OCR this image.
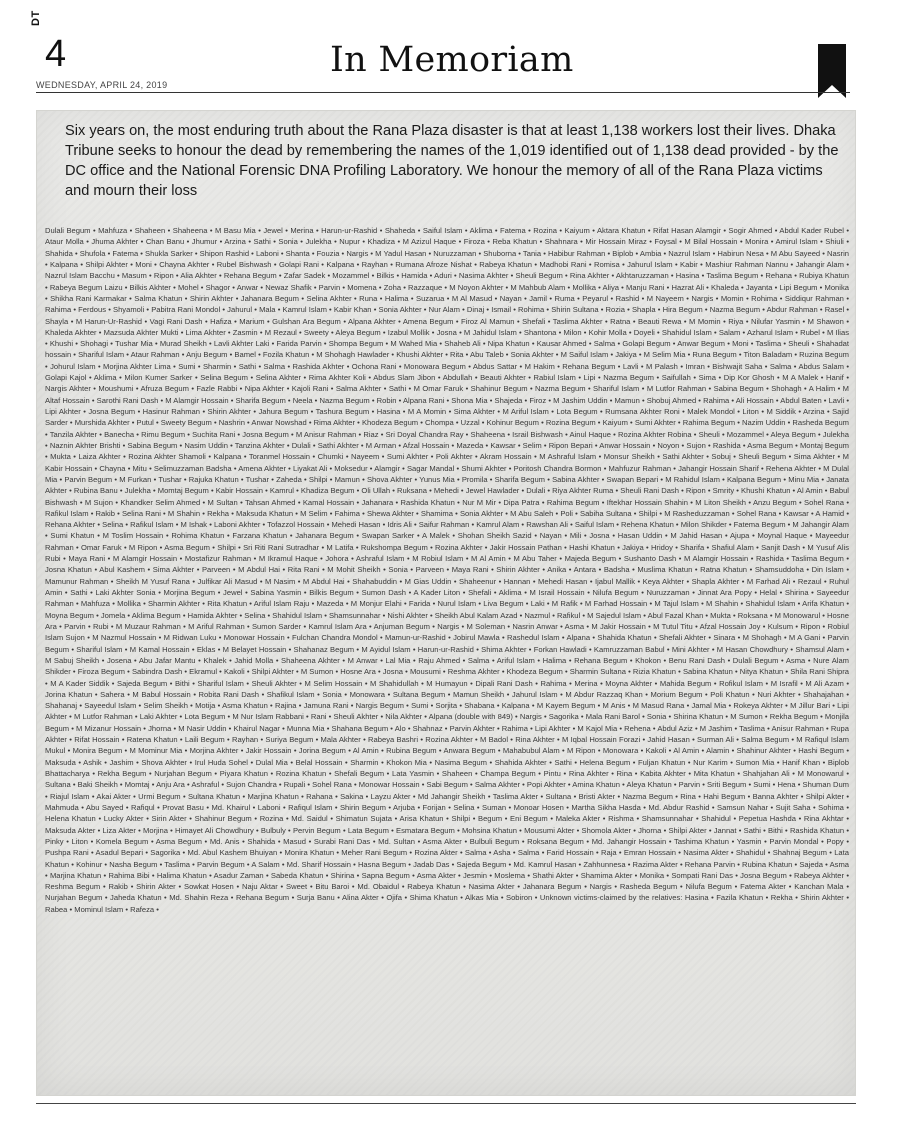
DT
4
WEDNESDAY, APRIL 24, 2019
In Memoriam

Six years on, the most enduring truth about the Rana Plaza disaster is that at least 1,138 workers lost their lives. Dhaka Tribune seeks to honour the dead by remembering the names of the 1,019 identified out of 1,138 dead provided - by the DC office and the National Forensic DNA Profiling Laboratory. We honour the memory of all of the Rana Plaza victims and mourn their loss

Dulali Begum • Mahfuza • Shaheen • Shaheena • M Basu Mia • Jewel • Merina • Harun-ur-Rashid • Shaheda • Saiful Islam • Aklima • Fatema • Rozina • Kaiyum • Aktara Khatun • Rifat Hasan Alamgir • Sogir Ahmed • Abdul Kader Rubel • Ataur Molla • Jhuma Akhter • Chan Banu • Jhumur • Arzina • Sathi • Sonia • Julekha • Nupur • Khadiza • M Azizul Haque • Firoza • Reba Khatun • Shahnara • Mir Hossain Miraz • Foysal • M Bilal Hossain • Monira • Amirul Islam • Shiuli • Shahida • Shufola • Fatema • Shukla Sarker • Shipon Rashid • Laboni • Shanta • Fouzia • Nargis • M Yadul Hasan • Nuruzzaman • Shuborna • Tania • Habibur Rahman • Biplob • Ambia • Nazrul Islam • Habirun Nesa • M Abu Sayeed • Nasrin • Kalpana • Shilpi Akhter • Moni • Chayna Akhter • Rubel Bishwash • Golapi Rani • Kalpana • Rayhan • Rumana Afroze Nishat • Rabeya Khatun • Madhobi Rani • Romisa • Jahurul Islam • Kabir • Mashiur Rahman Nannu • Jahangir Alam • Nazrul Islam Bacchu • Masum • Ripon • Alia Akhter • Rehana Begum • Zafar Sadek • Mozammel • Bilkis • Hamida • Aduri • Nasima Akhter • Sheuli Begum • Rina Akhter • Akhtaruzzaman • Hasina • Taslima Begum • Rehana • Rubiya Khatun • Rabeya Begum Laizu • Bilkis Akhter • Mohel • Shagor • Anwar • Newaz Shafik • Parvin • Momena • Zoha • Razzaque • M Noyon Akhter • M Mahbub Alam • Mollika • Aliya • Manju Rani • Hazrat Ali • Khaleda • Jayanta • Lipi Begum • Monika • Shikha Rani Karmakar • Salma Khatun • Shirin Akhter • Jahanara Begum • Selina Akhter • Runa • Halima • Suzarua • M Al Masud • Nayan • Jamil • Ruma • Peyarul • Rashid • M Nayeem • Nargis • Momin • Rohima • Siddiqur Rahman • Rahima • Ferdous • Shyamoli • Pabitra Rani Mondol • Jahurul • Mala • Kamrul Islam • Kabir Khan • Sonia Akhter • Nur Alam • Dinaj • Ismail • Rohima • Shirin Sultana • Rozia • Shapla • Hira Begum • Nazma Begum • Abdur Rahman • Rasel • Shayla • M Harun-Ur-Rashid • Vagi Rani Dash • Hafiza • Marium • Gulshan Ara Begum • Alpana Akhter • Amena Begum • Firoz Al Mamun • Shefali • Taslima Akhter • Ratna • Beauti Rewa • M Momin • Riya • Nilufar Yasmin • M Shawon • Khaleda Akhter • Mazsuda Akhter Mukti • Lima Akhter • Zasmin • M Rezaul • Sweety • Aleya Begum • Izabul Mollik • Josna • M Jahidul Islam • Shantona • Milon • Kohir Molla • Doyeli • Shahidul Islam • Salam • Azharul Islam • Rubel • M Ilias • Khushi • Shohagi • Tushar Mia • Murad Sheikh • Lavli Akhter Laki • Farida Parvin • Shompa Begum • M Wahed Mia • Shaheb Ali • Nipa Khatun • Kausar Ahmed • Salma • Golapi Begum • Anwar Begum • Moni • Taslima • Sheuli • Shahadat hossain • Shariful Islam • Ataur Rahman • Anju Begum • Bamel • Fozila Khatun • M Shohagh Hawlader • Khushi Akhter • Rita • Abu Taleb • Sonia Akhter • M Saiful Islam • Jakiya • M Selim Mia • Runa Begum • Titon Baladam • Ruzina Begum • Johurul Islam • Morjina Akhter Lima • Sumi • Sharmin • Sathi • Salma • Rashida Akhter • Ochona Rani • Monowara Begum • Abdus Sattar • M Hakim • Rehana Begum • Lavli • M Palash • Imran • Bishwajit Saha • Salma • Abdus Salam • Golapi Kajol • Aklima • Milon Kumer Sarker • Selina Begum • Selina Akhter • Rima Akhter Koli • Abdus Slam Jibon • Abdullah • Beauti Akhter • Rabiul Islam • Lipi • Nazma Begum • Saifullah • Sima • Dip Kor Ghosh • M A Malek • Hanif • Nargis Akhter • Moushumi • Afruza Begum • Fazle Rabbi • Nipa Akhter • Kajoli Rani • Salma Akhter • Sathi • M Omar Faruk • Shahinur Begum • Nazma Begum • Shariful Islam • M Lutfor Rahman • Sabina Begum • Shohagh • A Halim • M Altaf Hossain • Sarothi Rani Dash • M Alamgir Hossain • Sharifa Begum • Neela • Nazma Begum • Robin • Alpana Rani • Shona Mia • Shajeda • Firoz • M Jashim Uddin • Mamun • Shobuj Ahmed • Rahima • Ali Hossain • Abdul Baten • Lavli • Lipi Akhter • Josna Begum • Hasinur Rahman • Shirin Akhter • Jahura Begum • Tashura Begum • Hasina • M A Momin • Sima Akhter • M Ariful Islam • Lota Begum • Rumsana Akhter Roni • Malek Mondol • Liton • M Siddik • Arzina • Sajid Sarder • Murshida Akhter • Putul • Sweety Begum • Nashrin • Anwar Nowshad • Rima Akhter • Khodeza Begum • Chompa • Uzzal • Kohinur Begum • Rozina Begum • Kaiyum • Sumi Akhter • Rahima Begum • Nazim Uddin • Rasheda Begum • Tanzila Akhter • Banecha • Rimu Begum • Suchita Rani • Josna Begum • M Anisur Rahman • Riaz • Sri Doyal Chandra Ray • Shaheena • Israil Bishwash • Ainul Haque • Rozina Akhter Robina • Sheuli • Mozammel • Aleya Begum • Julekha • Naznin Akhter Brishti • Sabina Begum • Nasim Uddin • Tanzina Akhter • Dulali • Sathi Akhter • M Arman • Afzal Hossain • Mazeda • Kawsar • Selim • Ripon Bepari • Anwar Hossain • Noyon • Sujon • Rashida • Asma Begum • Montaj Begum • Mukta • Laiza Akhter • Rozina Akhter Shamoli • Kalpana • Toranmel Hossain • Chumki • Nayeem • Sumi Akhter • Poli Akhter • Akram Hossain • M Ashraful Islam • Monsur Sheikh • Sathi Akhter • Sobuj • Sheuli Begum • Sima Akhter • M Kabir Hossain • Chayna • Mitu • Selimuzzaman Badsha • Amena Akhter • Liyakat Ali • Moksedur • Alamgir • Sagar Mandal • Shumi Akhter • Poritosh Chandra Bormon • Mahfuzur Rahman • Jahangir Hossain Sharif • Rehena Akhter • M Dulal Mia • Parvin Begum • M Furkan • Tushar • Rajuka Khatun • Tushar • Zaheda • Shilpi • Mamun • Shova Akhter • Yunus Mia • Promila • Sharifa Begum • Sabina Akhter • Swapan Bepari • M Rahidul Islam • Kalpana Begum • Minu Mia • Janata Akhter • Rubina Banu • Julekha • Momtaj Begum • Kabir Hossain • Kamrul • Khadiza Begum • Oli Ullah • Ruksana • Mehedi • Jewel Hawlader • Dulali • Riya Akhter Ruma • Sheuli Rani Dash • Ripon • Smrity • Khushi Khatun • Al Amin • Babul Bishwash • M Sujon • Khandker Selim Ahmed • M Sultan • Tahsan Ahmed • Kamal Hossain • Jahanara • Rashida Khatun • Nur M Mir • Dipa Patra • Rahima Begum • Iftekhar Hossain Shahin • M Liton Sheikh • Anzu Begum • Sohel Rana • Rafikul Islam • Rakib • Selina Rani • M Shahin • Rekha • Maksuda Khatun • M Selim • Fahima • Shewa Akhter • Shamima • Sonia Akhter • M Abu Saleh • Poli • Sabiha Sultana • Shilpi • M Rasheduzzaman • Sohel Rana • Kawsar • A Hamid • Rehana Akhter • Selina • Rafikul Islam • M Ishak • Laboni Akhter • Tofazzol Hossain • Mehedi Hasan • Idris Ali • Saifur Rahman • Kamrul Alam • Rawshan Ali • Saiful Islam • Rehena Khatun • Milon Shikder • Fatema Begum • M Jahangir Alam • Sumi Khatun • M Toslim Hossain • Rohima Khatun • Farzana Khatun • Jahanara Begum • Swapan Sarker • A Malek • Shohan Sheikh Sazid • Nayan • Mili • Josna • Hasan Uddin • M Jahid Hasan • Ajupa • Moynal Haque • Mayeedur Rahman • Omar Faruk • M Ripon • Asma Begum • Shilpi • Sri Riti Rani Sutradhar • M Latifa • Rukshompa Begum • Rozina Akhter • Jakir Hossain Pathan • Hashi Khatun • Jakiya • Hridoy • Sharifa • Shafiul Alam • Sanjit Dash • M Yusuf Alis Rubi • Maya Rani • M Alamgir Hossain • Mostafizur Rahman • M Ikramul Haque • Johora • Ashraful Islam • M Robiul Islam • M Al Amin • M Abu Taher • Majeda Begum • Sushanto Dash • M Alamgir Hossain • Rashida • Taslima Begum • Josna Khatun • Abul Kashem • Sima Akhter • Parveen • M Abdul Hai • Rita Rani • M Mohit Sheikh • Sonia • Parveen • Maya Rani • Shirin Akhter • Anika • Antara • Badsha • Muslima Khatun • Ratna Khatun • Shamsuddoha • Din Islam • Mamunur Rahman • Sheikh M Yusuf Rana • Julfikar Ali Masud • M Nasim • M Abdul Hai • Shahabuddin • M Gias Uddin • Shaheenur • Hannan • Mehedi Hasan • Ijabul Mallik • Keya Akhter • Shapla Akhter • M Farhad Ali • Rezaul • Ruhul Amin • Sathi • Laki Akhter Sonia • Morjina Begum • Jewel • Sabina Yasmin • Bilkis Begum • Sumon Dash • A Kader Liton • Shefali • Aklima • M Israil Hossain • Nilufa Begum • Nuruzzaman • Jinnat Ara Popy • Helal • Shirina • Sayeedur Rahman • Mahfuza • Mollika • Sharmin Akhter • Rita Khatun • Ariful Islam Raju • Mazeda • M Monjur Elahi • Farida • Nurul Islam • Liva Begum • Laki • M Rafik • M Farhad Hossain • M Tajul Islam • M Shahin • Shahidul Islam • Arifa Khatun • Moyna Begum • Jomela • Aklima Begum • Hamida Akhter • Selina • Shahidul Islam • Shamsunnahar • Nishi Akhter • Sheikh Abul Kalam Azad • Nazmul • Rafikul • M Sajedul Islam • Abul Fazal Khan • Mukta • Roksana • M Monowarul • Hosne Ara • Parvin • Rubi • M Muzaur Rahman • M Ariful Rahman • Sumon Sarder • Kamrul Islam Ara • Anjuman Begum • Nargis • M Soleman • Nasrin Anwar • Asma • M Jakir Hossain • M Tutul Titu • Afzal Hossain Joy • Kulsum • Ripon • Robiul Islam Sujon • M Nazmul Hossain • M Ridwan Luku • Monowar Hossain • Fulchan Chandra Mondol • Mamun-ur-Rashid • Jobirul Mawla • Rashedul Islam • Alpana • Shahida Khatun • Shefali Akhter • Sinara • M Shohagh • M A Gani • Parvin Begum • Shariful Islam • M Kamal Hossain • Eklas • M Belayet Hossain • Shahanaz Begum • M Ayidul Islam • Harun-ur-Rashid • Shima Akhter • Forkan Hawladi • Kamruzzaman Babul • Mini Akhter • M Hasan Chowdhury • Shamsul Alam • M Sabuj Sheikh • Josena • Abu Jafar Mantu • Khalek • Jahid Molla • Shaheena Akhter • M Anwar • Lal Mia • Raju Ahmed • Salma • Ariful Islam • Halima • Rehana Begum • Khokon • Benu Rani Dash • Dulali Begum • Asma • Nure Alam Shikder • Firoza Begum • Sabindra Dash • Ekramul • Kakoli • Shilpi Akhter • M Sumon • Hosne Ara • Josna • Mousumi • Reshma Akhter • Khodeza Begum • Sharmin Sultana • Rizia Khatun • Sabina Khatun • Nitya Khatun • Shila Rani Shipra • M A Kader Siddik • Sajeda Begum • Bithi • Shariful Islam • Sheuli Akhter • M Selim Hossain • M Shahidullah • M Humayun • Dipali Rani Dash • Rahima • Merina • Moyna Akhter • Mahida Begum • Rofikul Islam • M Israfil • M Ali Azam • Jorina Khatun • Sahera • M Babul Hossain • Robita Rani Dash • Shafikul Islam • Sonia • Monowara • Sultana Begum • Mamun Sheikh • Jahurul Islam • M Abdur Razzaq Khan • Morium Begum • Poli Khatun • Nuri Akhter • Shahajahan • Shahanaj • Sayeedul Islam • Selim Sheikh • Motija • Asma Khatun • Rajina • Jamuna Rani • Nargis Begum • Sumi • Sorjita • Shabana • Kalpana • M Kayem Begum • M Anis • M Masud Rana • Jamal Mia • Rokeya Akhter • M Jillur Bari • Lipi Akhter • M Lutfor Rahman • Laki Akhter • Lota Begum • M Nur Islam Rabbani • Rani • Sheuli Akhter • Nila Akhter • Alpana (double with 849) • Nargis • Sagorika • Mala Rani Barol • Sonia • Shirina Khatun • M Sumon • Rekha Begum • Monjila Begum • M Mizanur Hossain • Jhorna • M Nasir Uddin • Khairul Nagar • Munna Mia • Shahana Begum • Alo • Shahnaz • Parvin Akhter • Rahima • Lipi Akhter • M Kajol Mia • Rehena • Abdul Aziz • M Jashim • Taslima • Anisur Rahman • Rupa Akhter • Rifat Hossain • Ratena Khatun • Laili Begum • Rayhan • Suriya Begum • Mala Akhter • Rabeya Bashri • Rozina Akhter • M Badol • Rina Akhter • M Iqbal Hossain Forazi • Jahid Hasan • Surman Ali • Salma Begum • M Rafiqul Islam Mukul • Monira Begum • M Mominur Mia • Morjina Akhter • Jakir Hossain • Jorina Begum • Al Amin • Rubina Begum • Anwara Begum • Mahabubul Alam • M Ripon • Monowara • Kakoli • Al Amin • Alamin • Shahinur Akhter • Hashi Begum • Maksuda • Ashik • Jashim • Shova Akhter • Irul Huda Sohel • Dulal Mia • Belal Hossain • Sharmin • Khokon Mia • Nasima Begum • Shahida Akhter • Sathi • Helena Begum • Fuljan Khatun • Nur Karim • Sumon Mia • Hanif Khan • Biplob Bhattacharya • Rekha Begum • Nurjahan Begum • Piyara Khatun • Rozina Khatun • Shefali Begum • Lata Yasmin • Shaheen • Champa Begum • Pintu • Rina Akhter • Rina • Kabita Akhter • Mita Khatun • Shahjahan Ali • M Monowarul • Sultana • Baki Sheikh • Momtaj • Anju Ara • Ashraful • Sujon Chandra • Rupali • Sohel Rana • Monowar Hossain • Sabi Begum • Salma Akhter • Popi Akhter • Amina Khatun • Aleya Khatun • Parvin • Sriti Begum • Sumi • Hena • Shuman Dum • Riajul Islam • Akai Akter • Urmi Begum • Sultana Khatun • Marjina Khatun • Rahana • Sakina • Layzu Akter • Md Jahangir Sheikh • Taslima Akter • Sultana • Bristi Akter • Nazma Begum • Rina • Hahi Begum • Banna Akhter • Shilpi Akter • Mahmuda • Abu Sayed • Rafiqul • Provat Basu • Md. Khairul • Laboni • Rafiqul Islam • Shirin Begum • Arjuba • Forijan • Selina • Suman • Monoar Hosen • Martha Sikha Hasda • Md. Abdur Rashid • Samsun Nahar • Sujit Saha • Sohima • Helena Khatun • Lucky Akter • Sirin Akter • Shahinur Begum • Rozina • Md. Saidul • Shimatun Sujata • Arisa Khatun • Shilpi • Begum • Eni Begum • Maleka Akter • Rishma • Shamsunnahar • Shahidul • Pepetua Hashda • Rina Akhtar • Maksuda Akter • Liza Akter • Morjina • Himayet Ali Chowdhury • Bulbuly • Pervin Begum • Lata Begum • Esmatara Begum • Mohsina Khatun • Mousumi Akter • Shomola Akter • Jhorna • Shilpi Akter • Jannat • Sathi • Bithi • Rashida Khatun • Pinky • Liton • Komela Begum • Asma Begum • Md. Anis • Shahida • Masud • Surabi Rani Das • Md. Sultan • Asma Akter • Bulbuli Begum • Roksana Begum • Md. Jahangir Hossain • Tashima Khatun • Yasmin • Parvin Mondal • Popy • Pushpa Rani • Asadul Bepari • Sagorika • Md. Abul Kashem Bhuiyan • Monira Khatun • Meher Rani Begum • Rozina Akter • Salma • Asha • Salma • Farid Hossain • Raja • Emran Hossain • Nasima Akter • Shahidul • Shahnaj Begum • Lata Khatun • Kohinur • Nasha Begum • Taslima • Parvin Begum • A Salam • Md. Sharif Hossain • Hasna Begum • Jadab Das • Sajeda Begum • Md. Kamrul Hasan • Zahhunnesa • Razima Akter • Rehana Parvin • Rubina Khatun • Sajeda • Asma • Marjina Khatun • Rahima Bibi • Halima Khatun • Asadur Zaman • Sabeda Khatun • Shirina • Sapna Begum • Asma Akter • Jesmin • Moslema • Shathi Akter • Shamima Akter • Monika • Sompati Rani Das • Josna Begum • Rabeya Akhter • Reshma Begum • Rakib • Shirin Akter • Sowkat Hosen • Naju Aktar • Sweet • Bitu Baroi • Md. Obaidul • Rabeya Khatun • Nasima Akter • Jahanara Begum • Nargis • Rasheda Begum • Nilufa Begum • Fatema Akter • Kanchan Mala • Nurjahan Begum • Jaheda Khatun • Md. Shahin Reza • Rehana Begum • Surja Banu • Alina Akter • Ojifa • Shima Khatun • Alkas Mia • Sobiron • Unknown victims-claimed by the relatives: Hasina • Fazila Khatun • Rekha • Shirin Akhter • Rabea • Mominul Islam • Rafeza •
